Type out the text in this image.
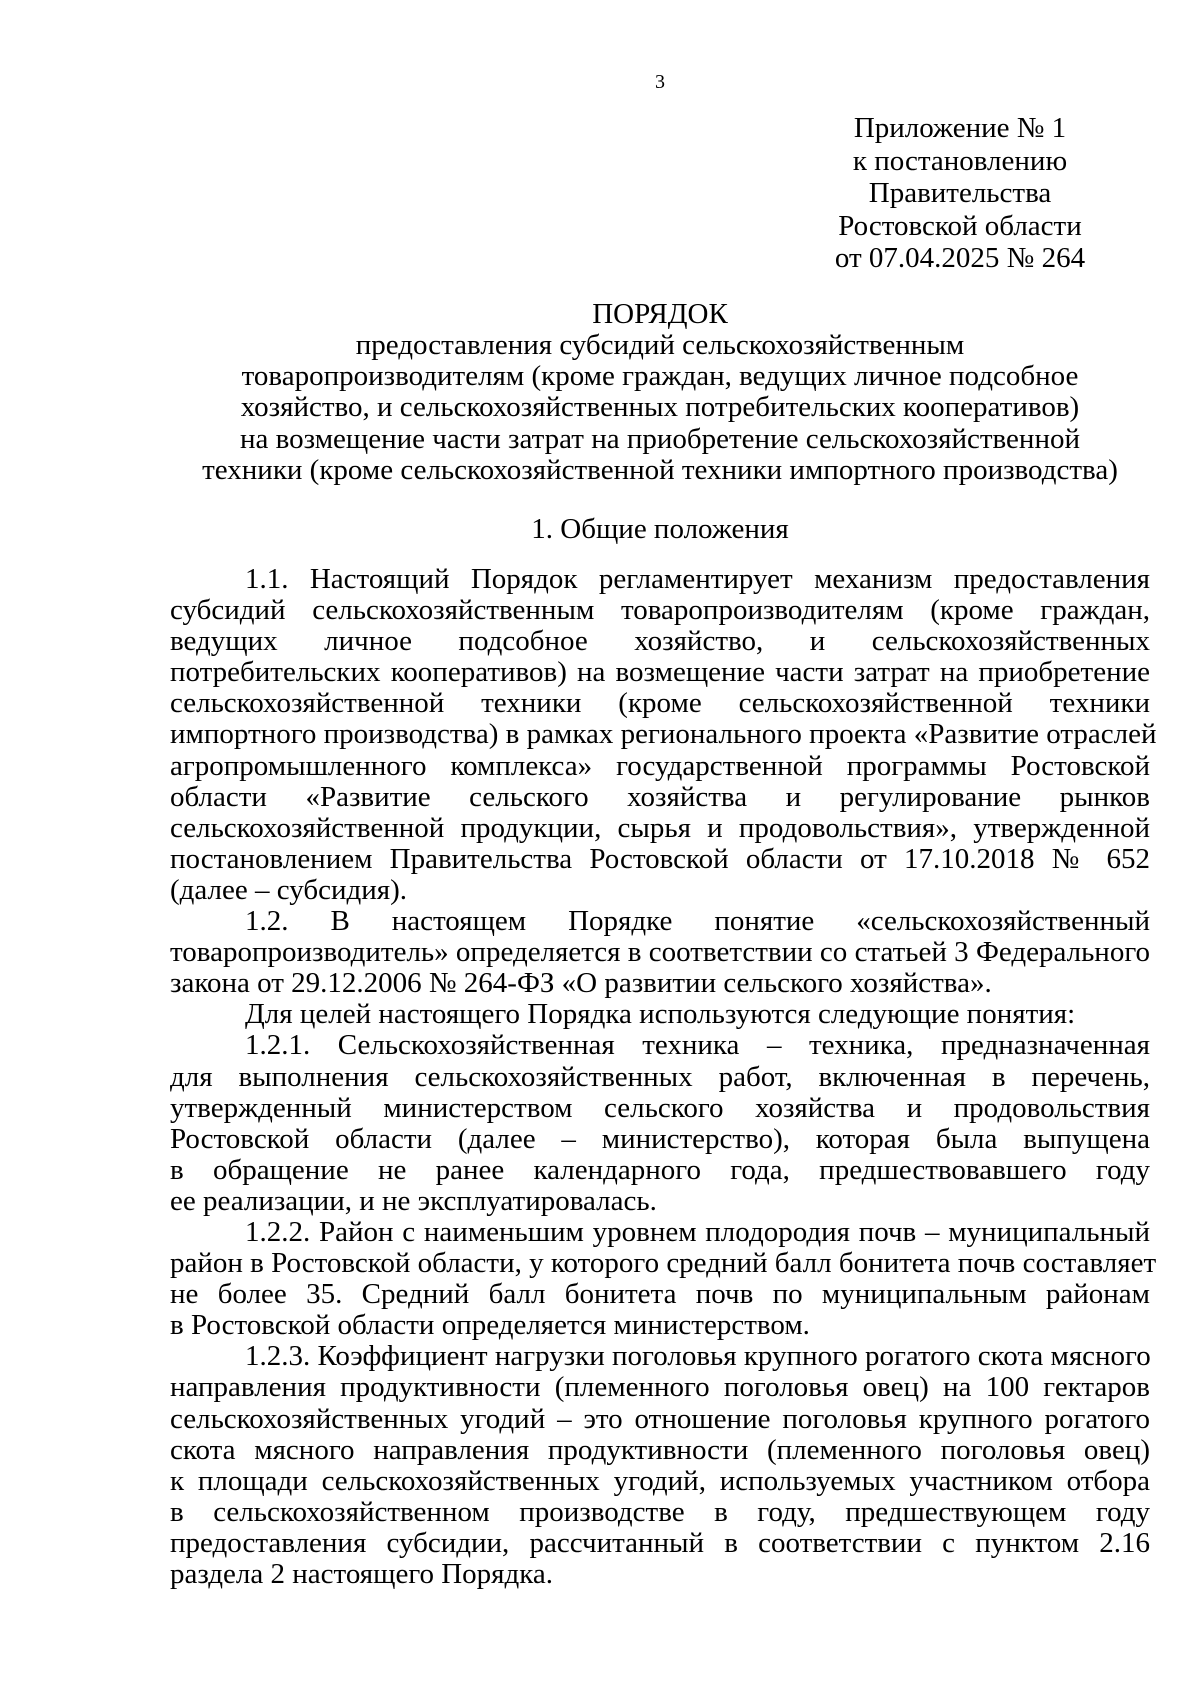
3
Приложение № 1
к постановлению
Правительства
Ростовской области
от 07.04.2025 № 264
ПОРЯДОК
предоставления субсидий сельскохозяйственным
товаропроизводителям (кроме граждан, ведущих личное подсобное
хозяйство, и сельскохозяйственных потребительских кооперативов)
на возмещение части затрат на приобретение сельскохозяйственной
техники (кроме сельскохозяйственной техники импортного производства)
1. Общие положения
1.1. Настоящий Порядок регламентирует механизм предоставления
субсидий сельскохозяйственным товаропроизводителям (кроме граждан,
ведущих личное подсобное хозяйство, и сельскохозяйственных
потребительских кооперативов) на возмещение части затрат на приобретение
сельскохозяйственной техники (кроме сельскохозяйственной техники
импортного производства) в рамках регионального проекта «Развитие отраслей
агропромышленного комплекса» государственной программы Ростовской
области «Развитие сельского хозяйства и регулирование рынков
сельскохозяйственной продукции, сырья и продовольствия», утвержденной
постановлением Правительства Ростовской области от 17.10.2018 № 652
(далее – субсидия).
1.2. В настоящем Порядке понятие «сельскохозяйственный
товаропроизводитель» определяется в соответствии со статьей 3 Федерального
закона от 29.12.2006 № 264-ФЗ «О развитии сельского хозяйства».
Для целей настоящего Порядка используются следующие понятия:
1.2.1. Сельскохозяйственная техника – техника, предназначенная
для выполнения сельскохозяйственных работ, включенная в перечень,
утвержденный министерством сельского хозяйства и продовольствия
Ростовской области (далее – министерство), которая была выпущена
в обращение не ранее календарного года, предшествовавшего году
ее реализации, и не эксплуатировалась.
1.2.2. Район с наименьшим уровнем плодородия почв – муниципальный
район в Ростовской области, у которого средний балл бонитета почв составляет
не более 35. Средний балл бонитета почв по муниципальным районам
в Ростовской области определяется министерством.
1.2.3. Коэффициент нагрузки поголовья крупного рогатого скота мясного
направления продуктивности (племенного поголовья овец) на 100 гектаров
сельскохозяйственных угодий – это отношение поголовья крупного рогатого
скота мясного направления продуктивности (племенного поголовья овец)
к площади сельскохозяйственных угодий, используемых участником отбора
в сельскохозяйственном производстве в году, предшествующем году
предоставления субсидии, рассчитанный в соответствии с пунктом 2.16
раздела 2 настоящего Порядка.
